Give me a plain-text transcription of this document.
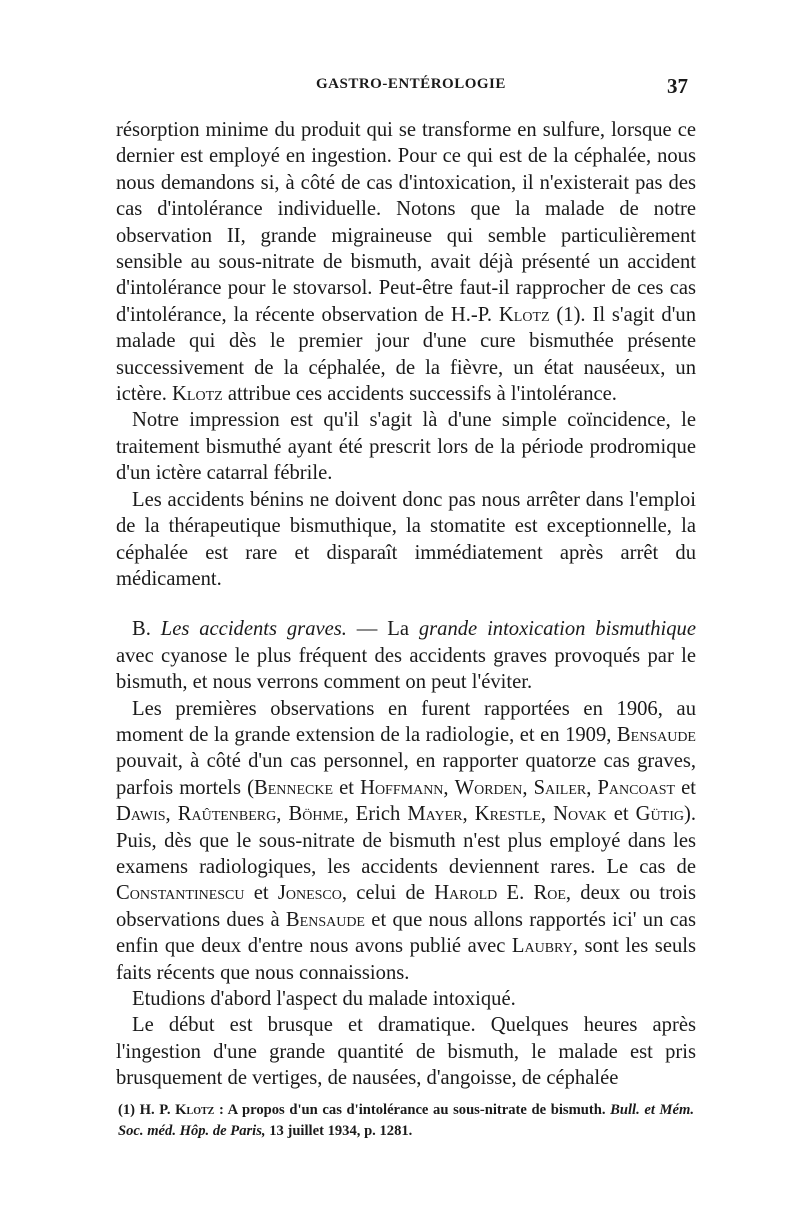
GASTRO-ENTÉROLOGIE	37

résorption minime du produit qui se transforme en sulfure, lorsque ce dernier est employé en ingestion. Pour ce qui est de la céphalée, nous nous demandons si, à côté de cas d'intoxication, il n'existerait pas des cas d'intolérance individuelle. Notons que la malade de notre observation II, grande migraineuse qui semble particulièrement sensible au sous-nitrate de bismuth, avait déjà présenté un accident d'intolérance pour le stovarsol. Peut-être faut-il rapprocher de ces cas d'intolérance, la récente observation de H.-P. Klotz (1). Il s'agit d'un malade qui dès le premier jour d'une cure bismuthée présente successivement de la céphalée, de la fièvre, un état nauséeux, un ictère. Klotz attribue ces accidents successifs à l'intolérance.

Notre impression est qu'il s'agit là d'une simple coïncidence, le traitement bismuthé ayant été prescrit lors de la période prodromique d'un ictère catarral fébrile.

Les accidents bénins ne doivent donc pas nous arrêter dans l'emploi de la thérapeutique bismuthique, la stomatite est exceptionnelle, la céphalée est rare et disparaît immédiatement après arrêt du médicament.

B. Les accidents graves. — La grande intoxication bismuthique avec cyanose le plus fréquent des accidents graves provoqués par le bismuth, et nous verrons comment on peut l'éviter.

Les premières observations en furent rapportées en 1906, au moment de la grande extension de la radiologie, et en 1909, Bensaude pouvait, à côté d'un cas personnel, en rapporter quatorze cas graves, parfois mortels (Bennecke et Hoffmann, Worden, Sailer, Pancoast et Dawis, Raûtenberg, Böhme, Erich Mayer, Krestle, Novak et Gütig). Puis, dès que le sous-nitrate de bismuth n'est plus employé dans les examens radiologiques, les accidents deviennent rares. Le cas de Constantinescu et Jonesco, celui de Harold E. Roe, deux ou trois observations dues à Bensaude et que nous allons rapportés ici' un cas enfin que deux d'entre nous avons publié avec Laubry, sont les seuls faits récents que nous connaissions.

Etudions d'abord l'aspect du malade intoxiqué.

Le début est brusque et dramatique. Quelques heures après l'ingestion d'une grande quantité de bismuth, le malade est pris brusquement de vertiges, de nausées, d'angoisse, de céphalée

(1) H. P. Klotz : A propos d'un cas d'intolérance au sous-nitrate de bismuth. Bull. et Mém. Soc. méd. Hôp. de Paris, 13 juillet 1934, p. 1281.
